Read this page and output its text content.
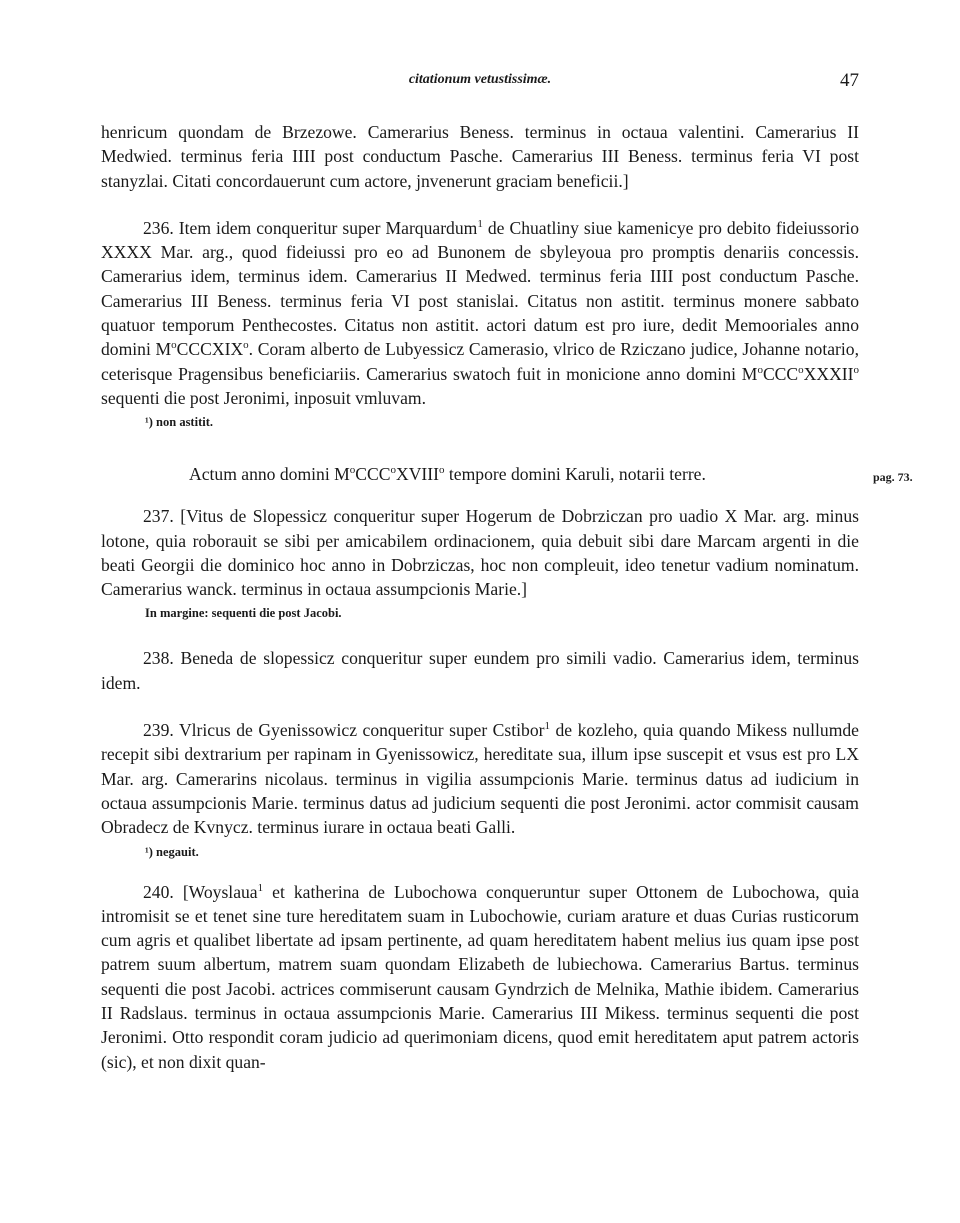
citationum vetustissimæ.	47

henricum quondam de Brzezowe. Camerarius Beness. terminus in octaua valentini. Camerarius II Medwied. terminus feria IIII post conductum Pasche. Camerarius III Beness. terminus feria VI post stanyzlai. Citati concordauerunt cum actore, jnvenerunt graciam beneficii.]

236. Item idem conqueritur super Marquardum$^1$ de Chuatliny siue kamenicye pro debito fideiussorio XXXX Mar. arg., quod fideiussi pro eo ad Bunonem de sbyleyoua pro promptis denariis concessis. Camerarius idem, terminus idem. Camerarius II Medwed. terminus feria IIII post conductum Pasche. Camerarius III Beness. terminus feria VI post stanislai. Citatus non astitit. terminus monere sabbato quatuor temporum Penthecostes. Citatus non astitit. actori datum est pro iure, dedit Memooriales anno domini $M^oCCCXIX^o$. Coram alberto de Lubyessicz Camerasio, vlrico de Rziczano judice, Johanne notario, ceterisque Pragensibus beneficiariis. Camerarius swatoch fuit in monicione anno domini $M^oCCC^oXXXII^o$ sequenti die post Jeronimi, inposuit vmluvam.

¹) non astitit.
Actum anno domini $M^oCCC^oXVIII^o$ tempore domini Karuli, notarii terre.	pag. 73.

237. [Vitus de Slopessicz conqueritur super Hogerum de Dobrziczan pro uadio X Mar. arg. minus lotone, quia roborauit se sibi per amicabilem ordinacionem, quia debuit sibi dare Marcam argenti in die beati Georgii die dominico hoc anno in Dobrziczas, hoc non compleuit, ideo tenetur vadium nominatum. Camerarius wanck. terminus in octaua assumpcionis Marie.]

In margine: sequenti die post Jacobi.

238. Beneda de slopessicz conqueritur super eundem pro simili vadio. Camerarius idem, terminus idem.

239. Vlricus de Gyenissowicz conqueritur super Cstibor$^1$ de kozleho, quia quando Mikess nullumde recepit sibi dextrarium per rapinam in Gyenissowicz, hereditate sua, illum ipse suscepit et vsus est pro LX Mar. arg. Camerarins nicolaus. terminus in vigilia assumpcionis Marie. terminus datus ad iudicium in octaua assumpcionis Marie. terminus datus ad judicium sequenti die post Jeronimi. actor commisit causam Obradecz de Kvnycz. terminus iurare in octaua beati Galli.

¹) negauit.

240. [Woyslaua$^1$ et katherina de Lubochowa conqueruntur super Ottonem de Lubochowa, quia intromisit se et tenet sine ture hereditatem suam in Lubochowie, curiam arature et duas Curias rusticorum cum agris et qualibet libertate ad ipsam pertinente, ad quam hereditatem habent melius ius quam ipse post patrem suum albertum, matrem suam quondam Elizabeth de lubiechowa. Camerarius Bartus. terminus sequenti die post Jacobi. actrices commiserunt causam Gyndrzich de Melnika, Mathie ibidem. Camerarius II Radslaus. terminus in octaua assumpcionis Marie. Camerarius III Mikess. terminus sequenti die post Jeronimi. Otto respondit coram judicio ad querimoniam dicens, quod emit hereditatem aput patrem actoris (sic), et non dixit quan-
